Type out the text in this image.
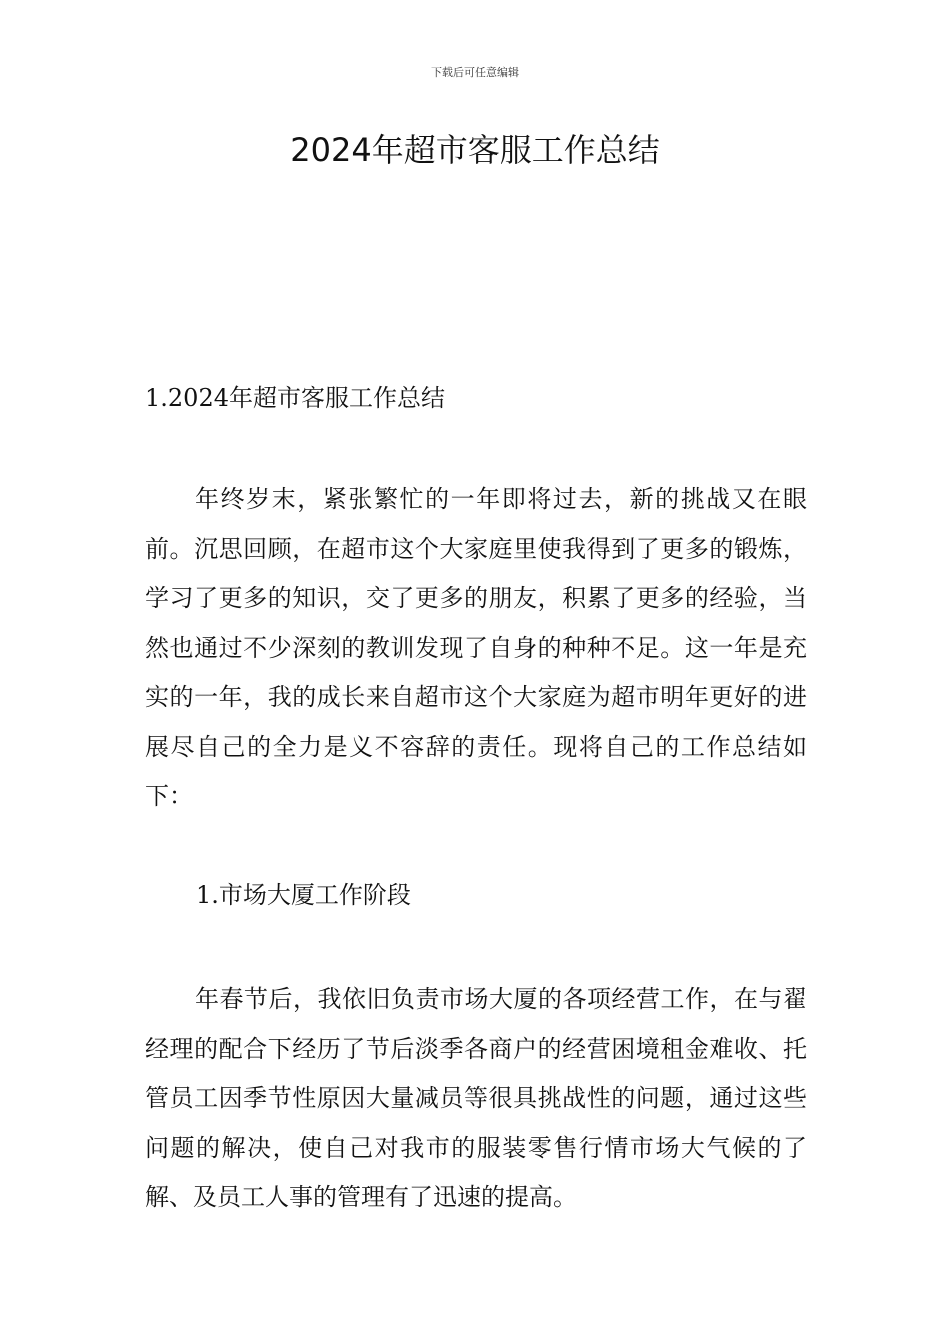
下载后可任意编辑
2024年超市客服工作总结
1.2024年超市客服工作总结

年终岁末，紧张繁忙的一年即将过去，新的挑战又在眼前。沉思回顾，在超市这个大家庭里使我得到了更多的锻炼，学习了更多的知识，交了更多的朋友，积累了更多的经验，当然也通过不少深刻的教训发现了自身的种种不足。这一年是充实的一年，我的成长来自超市这个大家庭为超市明年更好的进展尽自己的全力是义不容辞的责任。现将自己的工作总结如下：

1.市场大厦工作阶段

年春节后，我依旧负责市场大厦的各项经营工作，在与翟经理的配合下经历了节后淡季各商户的经营困境租金难收、托管员工因季节性原因大量减员等很具挑战性的问题，通过这些问题的解决，使自己对我市的服装零售行情市场大气候的了解、及员工人事的管理有了迅速的提高。
